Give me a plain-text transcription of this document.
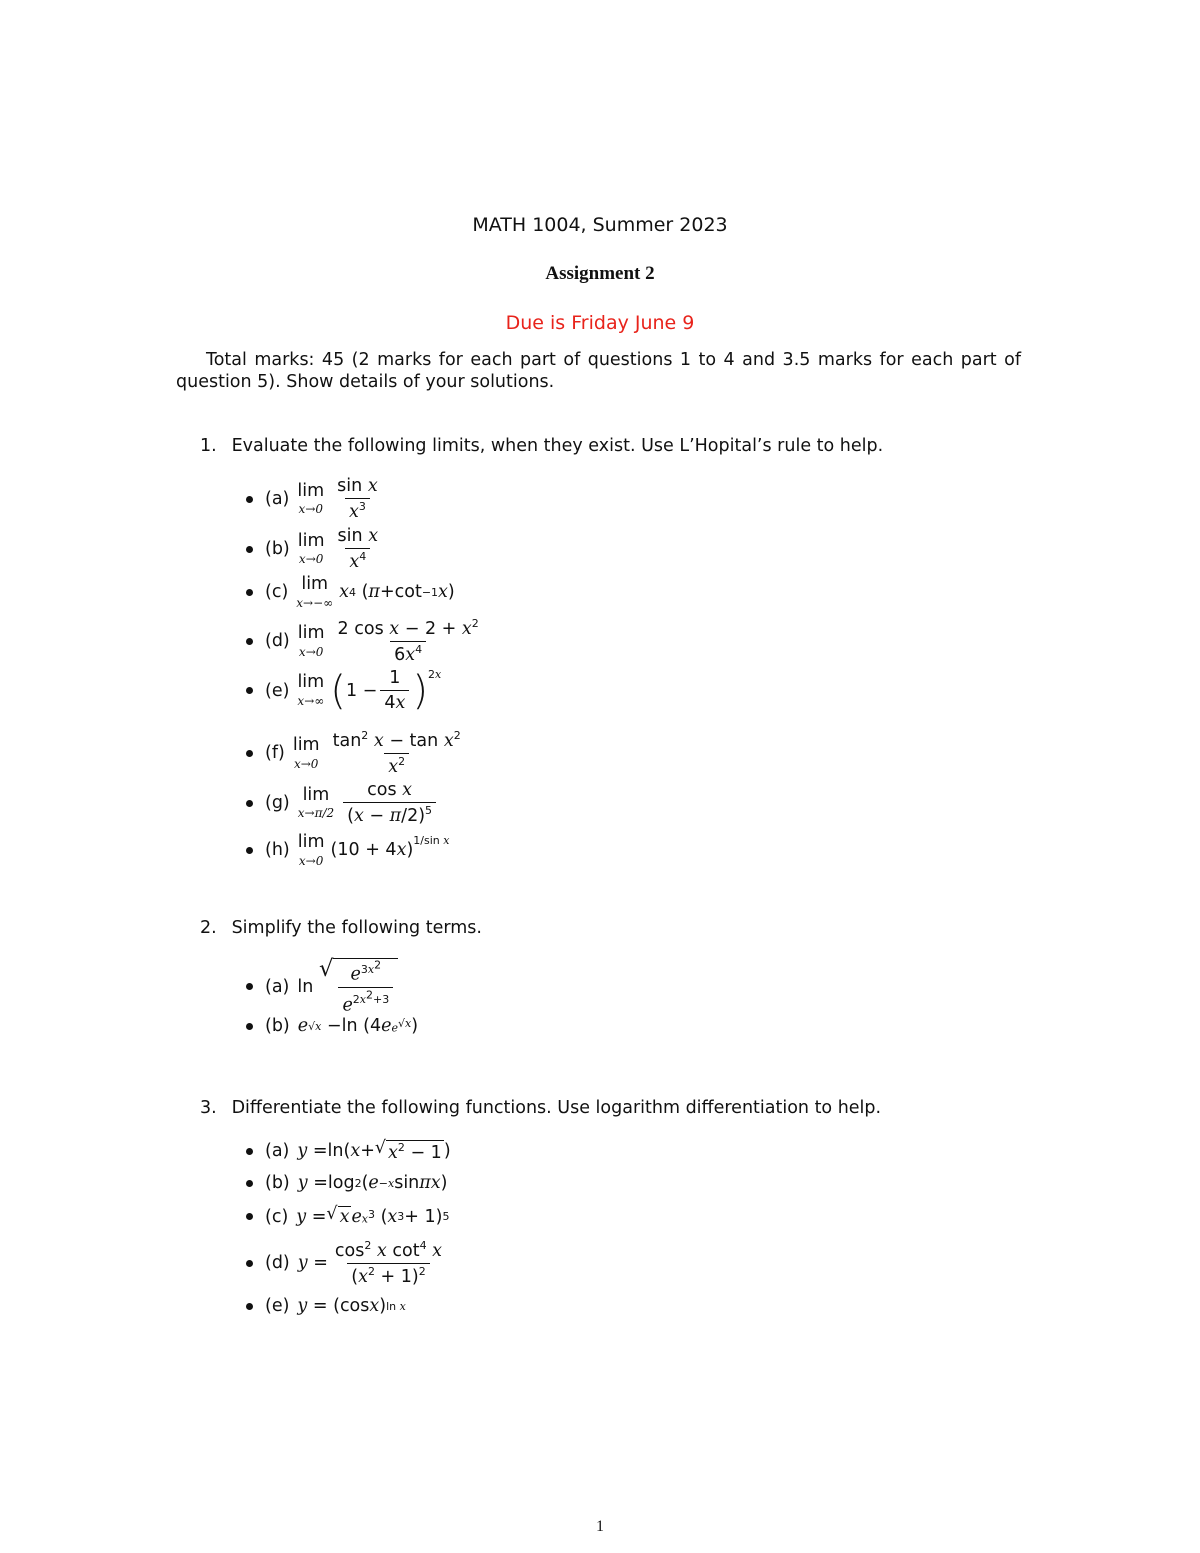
MATH 1004, Summer 2023
Assignment 2
Due is Friday June 9
Total marks: 45 (2 marks for each part of questions 1 to 4 and 3.5 marks for each part of question 5). Show details of your solutions.
1. Evaluate the following limits, when they exist. Use L’Hopital’s rule to help.
(a) lim
$x\to 0 \frac{\text{sin x}}{x^3}$
(b) lim
$x\to 0 \frac{\text{sin x}}{x^4}$
(c) lim
x→−∞
x 4 ( π + cot −1 x )
(d) lim
$x\to 0 \frac{2 \cos x - 2 + x^2}{6x^4}$
(e) lim
x→∞ ( $1 - \frac{1}{4x} )^{2x}$
(f) lim
$x\to 0 \frac{\tan^2 x - \tan x^2}{x^2}$
(g) lim
$x\to\pi/2 \frac{\text{cos x}}{(x - \pi/2)^5}$
(h) lim
x→0
(10 + 4 x )$^{1/sin x}$
2. Simplify the following terms.
(a) ln

√ $\frac{e^{3x^2}}{e^{2x^2+3}}$
(b) e √x − ln (4 e $e^{√x}$ )
3. Differentiate the following functions. Use logarithm differentiation to help.
(a) y = ln ( x + √ $x^2 - 1$ )
(b) y = log 2 ( e −x sin πx )
(c) y = √ x e $x^3$ ( x 3 + 1) 5
(d) $y = \frac{\cos^2 x \cot^4 x}{(x^2 + 1)^2}$
(e) y = ( cos x ) ln x
1
